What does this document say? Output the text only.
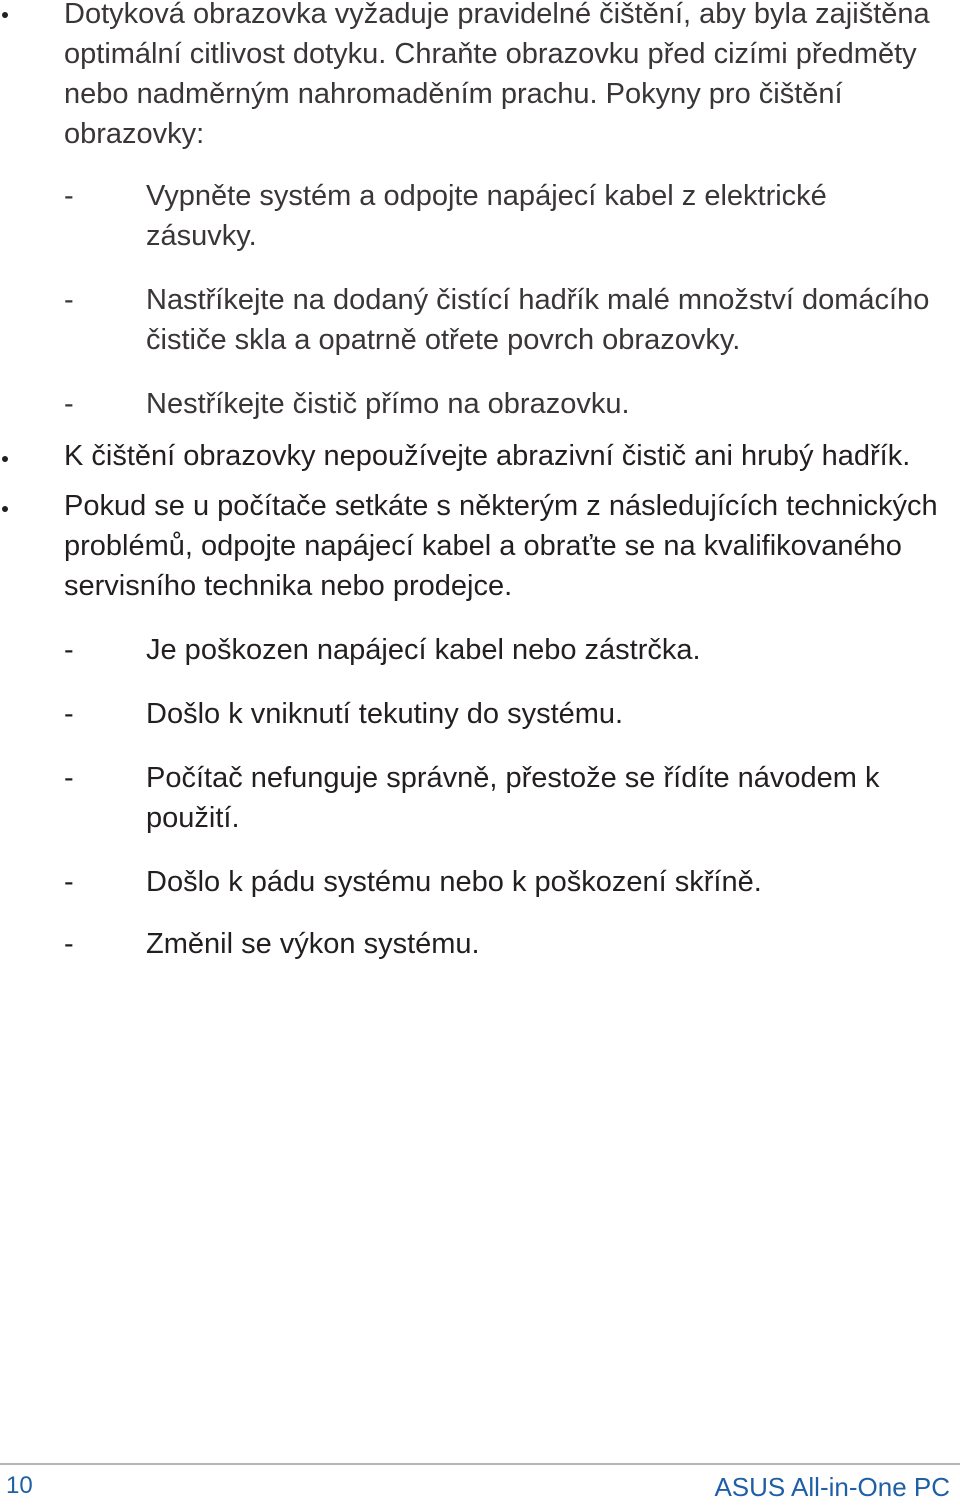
Dotyková obrazovka vyžaduje pravidelné čištění, aby byla zajištěna
optimální citlivost dotyku. Chraňte obrazovku před cizími předměty
nebo nadměrným nahromaděním prachu. Pokyny pro čištění
obrazovky:
- Vypněte systém a odpojte napájecí kabel z elektrické
zásuvky.
- Nastříkejte na dodaný čistící hadřík malé množství domácího
čističe skla a opatrně otřete povrch obrazovky.
- Nestříkejte čistič přímo na obrazovku.
K čištění obrazovky nepoužívejte abrazivní čistič ani hrubý hadřík.
Pokud se u počítače setkáte s některým z následujících technických
problémů, odpojte napájecí kabel a obraťte se na kvalifikovaného
servisního technika nebo prodejce.
- Je poškozen napájecí kabel nebo zástrčka.
- Došlo k vniknutí tekutiny do systému.
- Počítač nefunguje správně, přestože se řídíte návodem k
použití.
- Došlo k pádu systému nebo k poškození skříně.
- Změnil se výkon systému.
10	ASUS All-in-One PC
